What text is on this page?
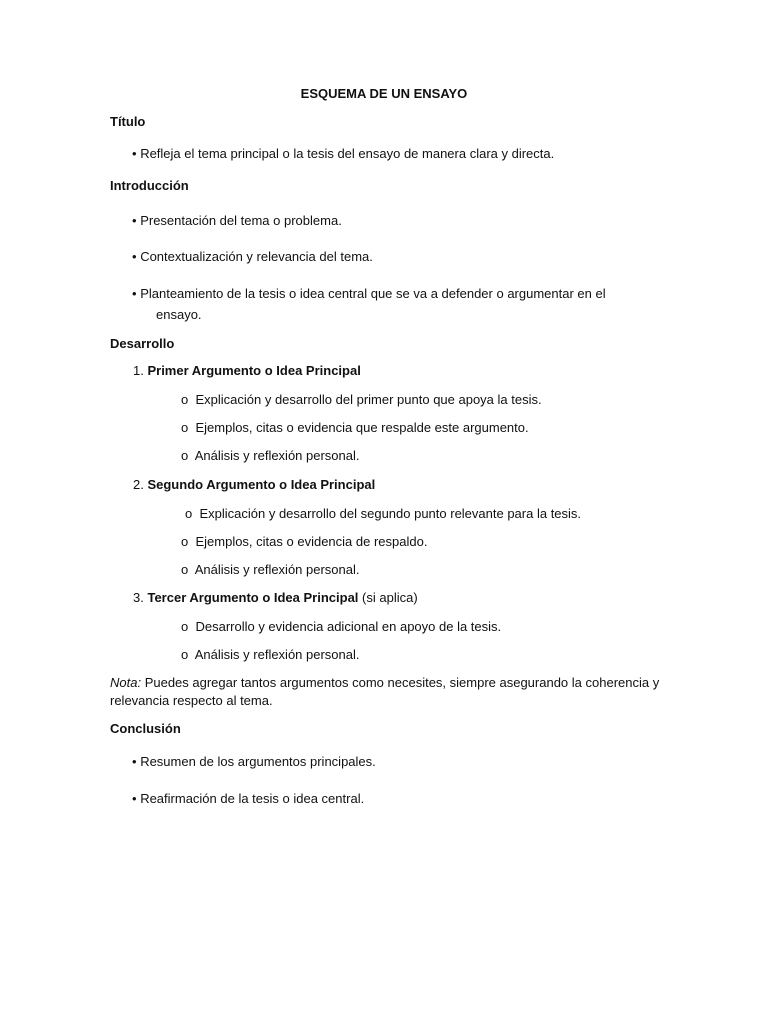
ESQUEMA DE UN ENSAYO
Título
• Refleja el tema principal o la tesis del ensayo de manera clara y directa.
Introducción
• Presentación del tema o problema.
• Contextualización y relevancia del tema.
• Planteamiento de la tesis o idea central que se va a defender o argumentar en el
ensayo.
Desarrollo
1. Primer Argumento o Idea Principal
o Explicación y desarrollo del primer punto que apoya la tesis.
o Ejemplos, citas o evidencia que respalde este argumento.
o Análisis y reflexión personal.
2. Segundo Argumento o Idea Principal
o Explicación y desarrollo del segundo punto relevante para la tesis.
o Ejemplos, citas o evidencia de respaldo.
o Análisis y reflexión personal.
3. Tercer Argumento o Idea Principal (si aplica)
o Desarrollo y evidencia adicional en apoyo de la tesis.
o Análisis y reflexión personal.
Nota: Puedes agregar tantos argumentos como necesites, siempre asegurando la coherencia y
relevancia respecto al tema.
Conclusión
• Resumen de los argumentos principales.
• Reafirmación de la tesis o idea central.
